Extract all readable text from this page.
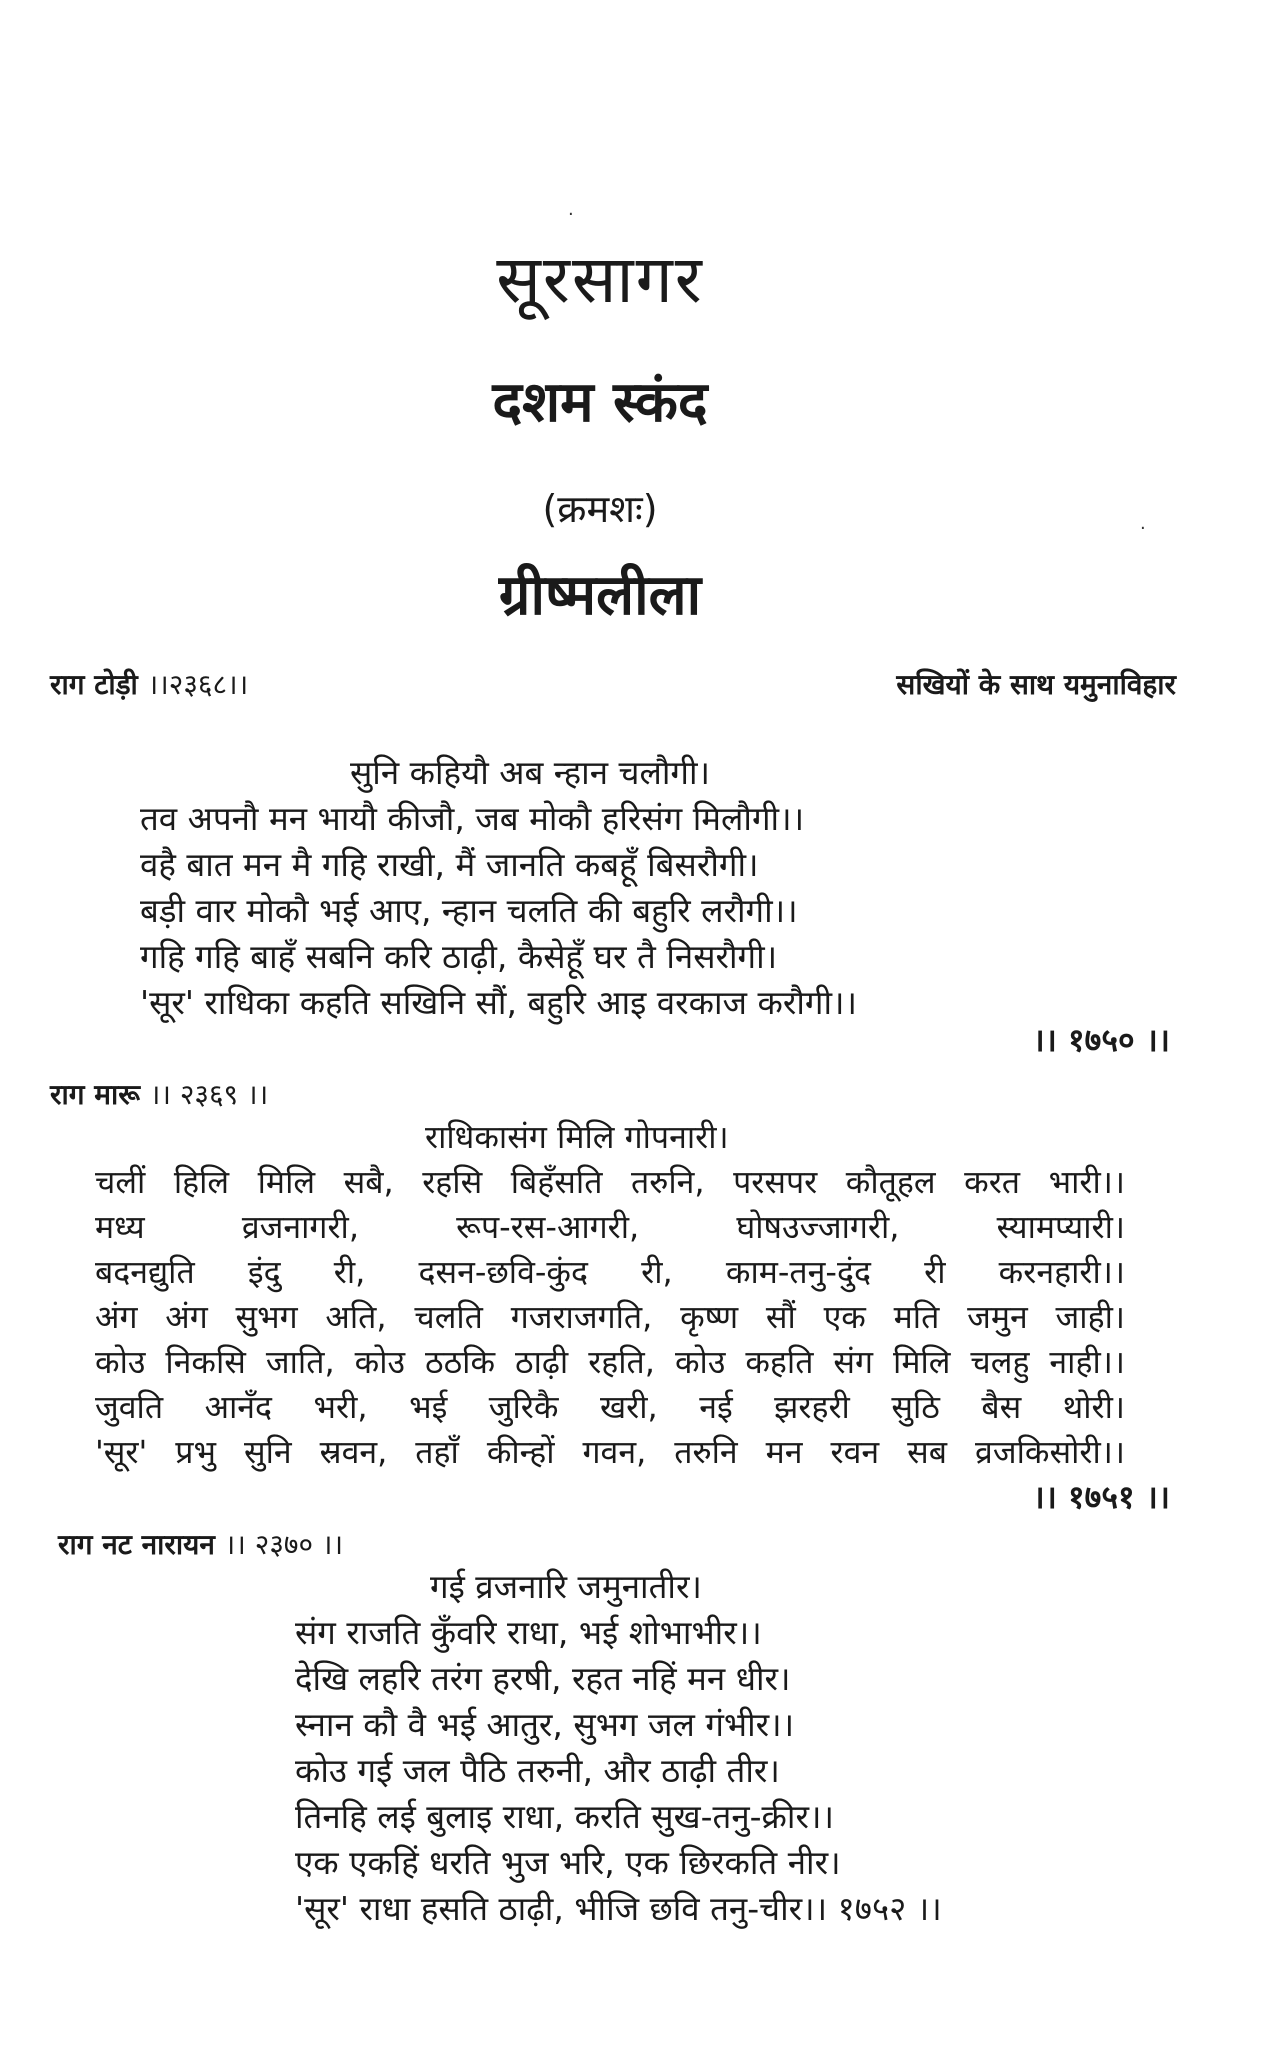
·
·
सूरसागर
दशम स्कंद
(क्रमशः)
ग्रीष्मलीला
राग टोड़ी ।।२३६८।।	सखियों के साथ यमुनाविहार
सुनि कहियौ अब न्हान चलौगी।
तव अपनौ मन भायौ कीजौ, जब मोकौ हरिसंग मिलौगी।।
वहै बात मन मै गहि राखी, मैं जानति कबहूँ बिसरौगी।
बड़ी वार मोकौ भई आए, न्हान चलति की बहुरि लरौगी।।
गहि गहि बाहँ सबनि करि ठाढ़ी, कैसेहूँ घर तै निसरौगी।
'सूर' राधिका कहति सखिनि सौं, बहुरि आइ वरकाज करौगी।।
।। १७५० ।।
राग मारू ।। २३६९ ।।
राधिकासंग मिलि गोपनारी।
चलीं हिलि मिलि सबै, रहसि बिहँसति तरुनि, परसपर कौतूहल करत भारी।।
मध्य व्रजनागरी, रूप-रस-आगरी, घोषउज्जागरी, स्यामप्यारी।
बदनद्युति इंदु री, दसन-छवि-कुंद री, काम-तनु-दुंद री करनहारी।।
अंग अंग सुभग अति, चलति गजराजगति, कृष्ण सौं एक मति जमुन जाही।
कोउ निकसि जाति, कोउ ठठकि ठाढ़ी रहति, कोउ कहति संग मिलि चलहु नाही।।
जुवति आनँद भरी, भई जुरिकै खरी, नई झरहरी सुठि बैस थोरी।
'सूर' प्रभु सुनि स्रवन, तहाँ कीन्हों गवन, तरुनि मन रवन सब व्रजकिसोरी।।
।। १७५१ ।।
राग नट नारायन ।। २३७० ।।
गई व्रजनारि जमुनातीर।
संग राजति कुँवरि राधा, भई शोभाभीर।।
देखि लहरि तरंग हरषी, रहत नहिं मन धीर।
स्नान कौ वै भई आतुर, सुभग जल गंभीर।।
कोउ गई जल पैठि तरुनी, और ठाढ़ी तीर।
तिनहि लई बुलाइ राधा, करति सुख-तनु-क्रीर।।
एक एकहिं धरति भुज भरि, एक छिरकति नीर।
'सूर' राधा हसति ठाढ़ी, भीजि छवि तनु-चीर।। १७५२ ।।
